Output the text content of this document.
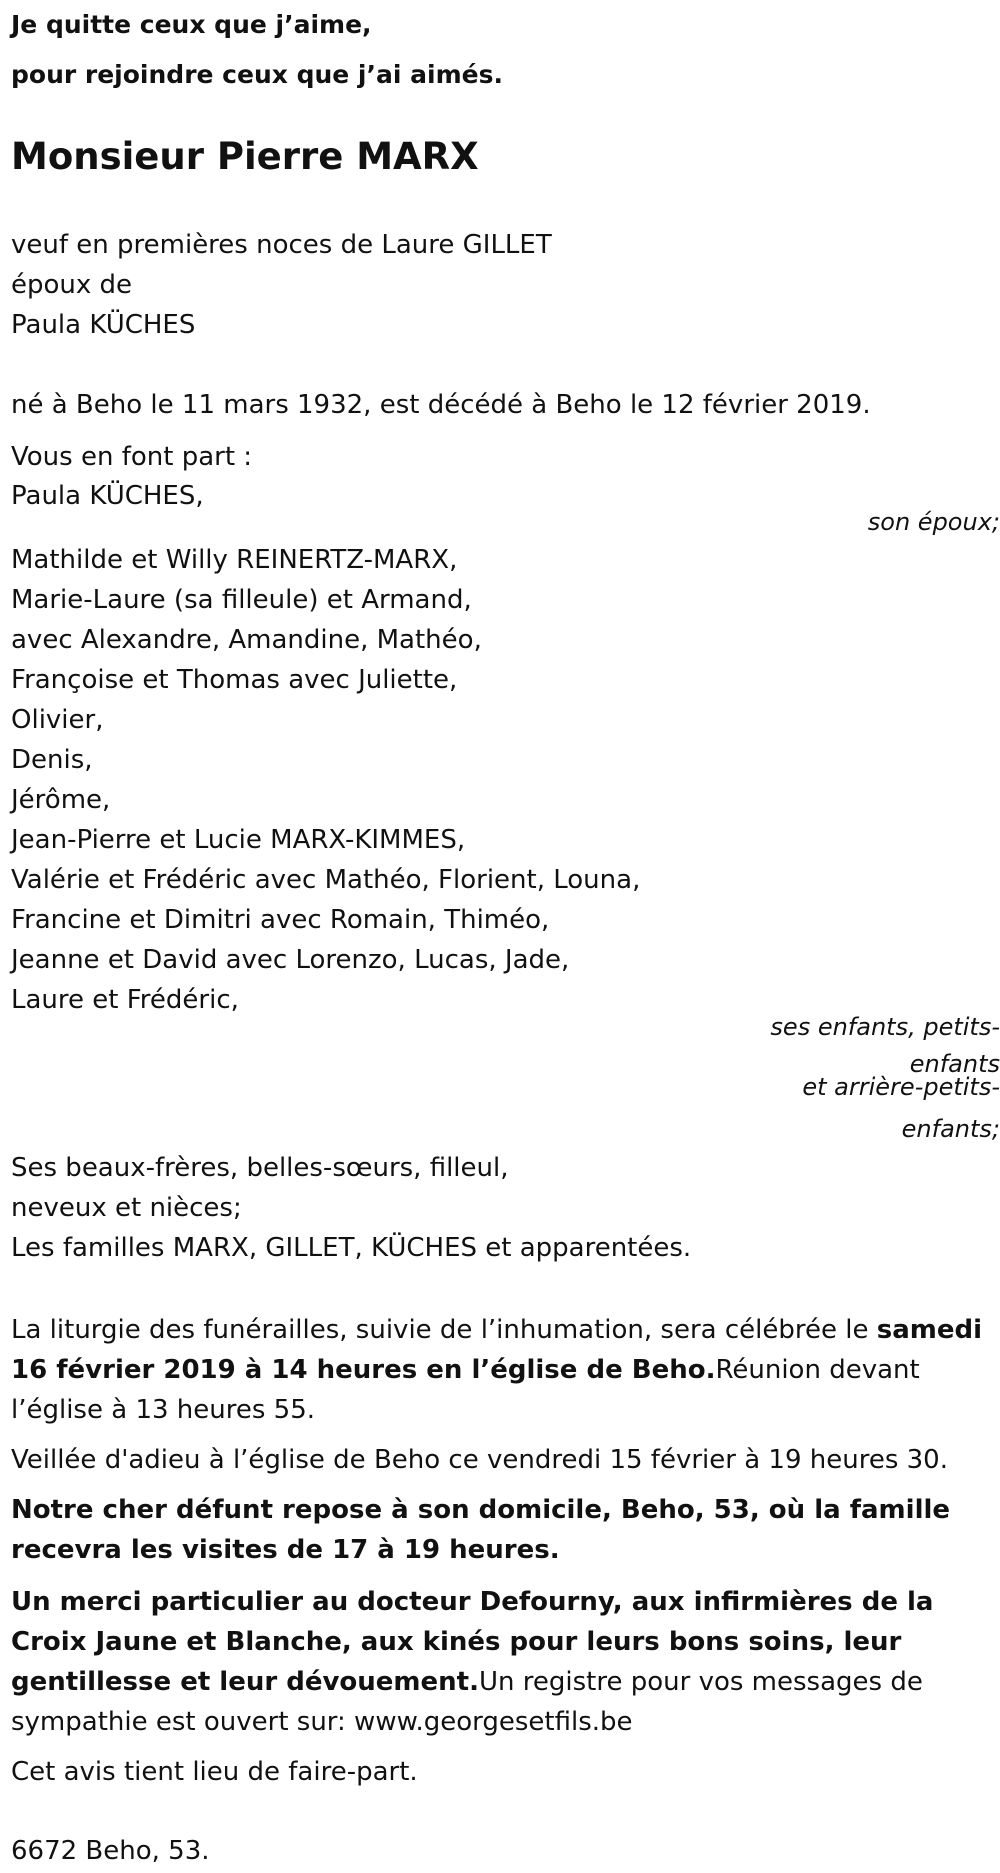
Je quitte ceux que j’aime,
pour rejoindre ceux que j’ai aimés.
Monsieur Pierre MARX
veuf en premières noces de Laure GILLET
époux de
Paula KÜCHES
né à Beho le 11 mars 1932, est décédé à Beho le 12 février 2019.
Vous en font part :
Paula KÜCHES,
son époux;
Mathilde et Willy REINERTZ-MARX,
Marie-Laure (sa filleule) et Armand,
avec Alexandre, Amandine, Mathéo,
Françoise et Thomas avec Juliette,
Olivier,
Denis,
Jérôme,
Jean-Pierre et Lucie MARX-KIMMES,
Valérie et Frédéric avec Mathéo, Florient, Louna,
Francine et Dimitri avec Romain, Thiméo,
Jeanne et David avec Lorenzo, Lucas, Jade,
Laure et Frédéric,
ses enfants, petits-
enfants
et arrière-petits-
enfants;
Ses beaux-frères, belles-sœurs, filleul,
neveux et nièces;
Les familles MARX, GILLET, KÜCHES et apparentées.
La liturgie des funérailles, suivie de l’inhumation, sera célébrée le samedi 16 février 2019 à 14 heures en l’église de Beho.Réunion devant l’église à 13 heures 55.
Veillée d'adieu à l’église de Beho ce vendredi 15 février à 19 heures 30.
Notre cher défunt repose à son domicile, Beho, 53, où la famille recevra les visites de 17 à 19 heures.
Un merci particulier au docteur Defourny, aux infirmières de la Croix Jaune et Blanche, aux kinés pour leurs bons soins, leur gentillesse et leur dévouement.Un registre pour vos messages de sympathie est ouvert sur: www.georgesetfils.be
Cet avis tient lieu de faire-part.
6672 Beho, 53.
